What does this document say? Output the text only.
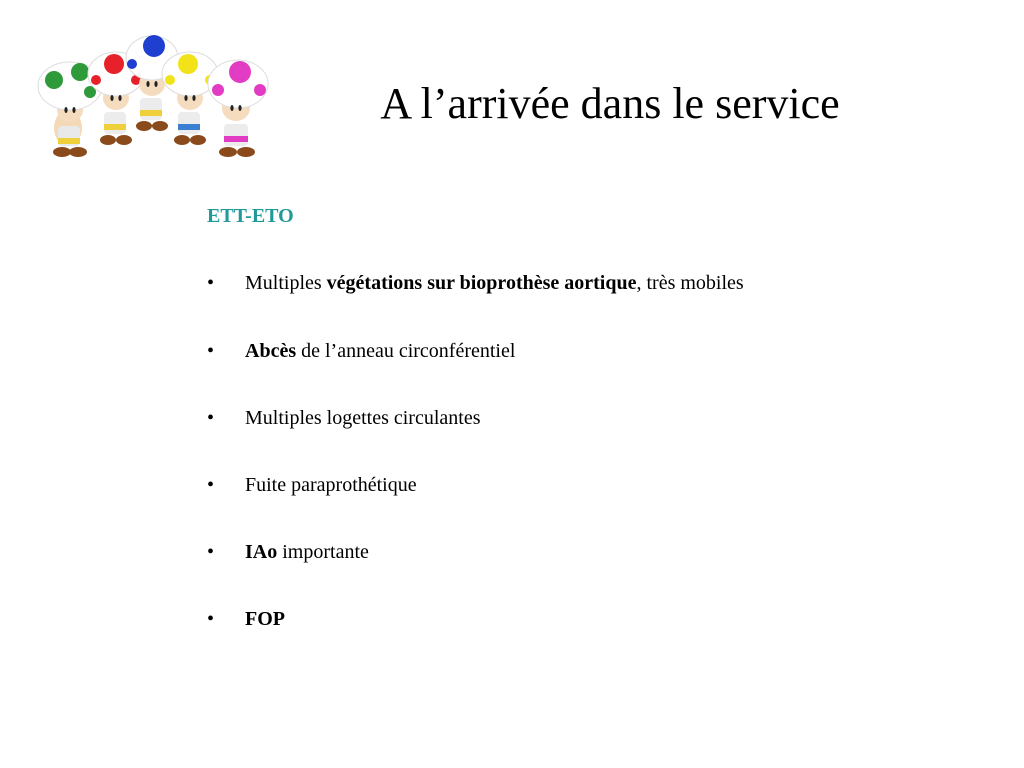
A l’arrivée dans le service
ETT-ETO
•	Multiples végétations sur bioprothèse aortique, très mobiles
•	Abcès de l’anneau circonférentiel
•	Multiples logettes circulantes
•	Fuite paraprothétique
•	IAo importante
•	FOP
